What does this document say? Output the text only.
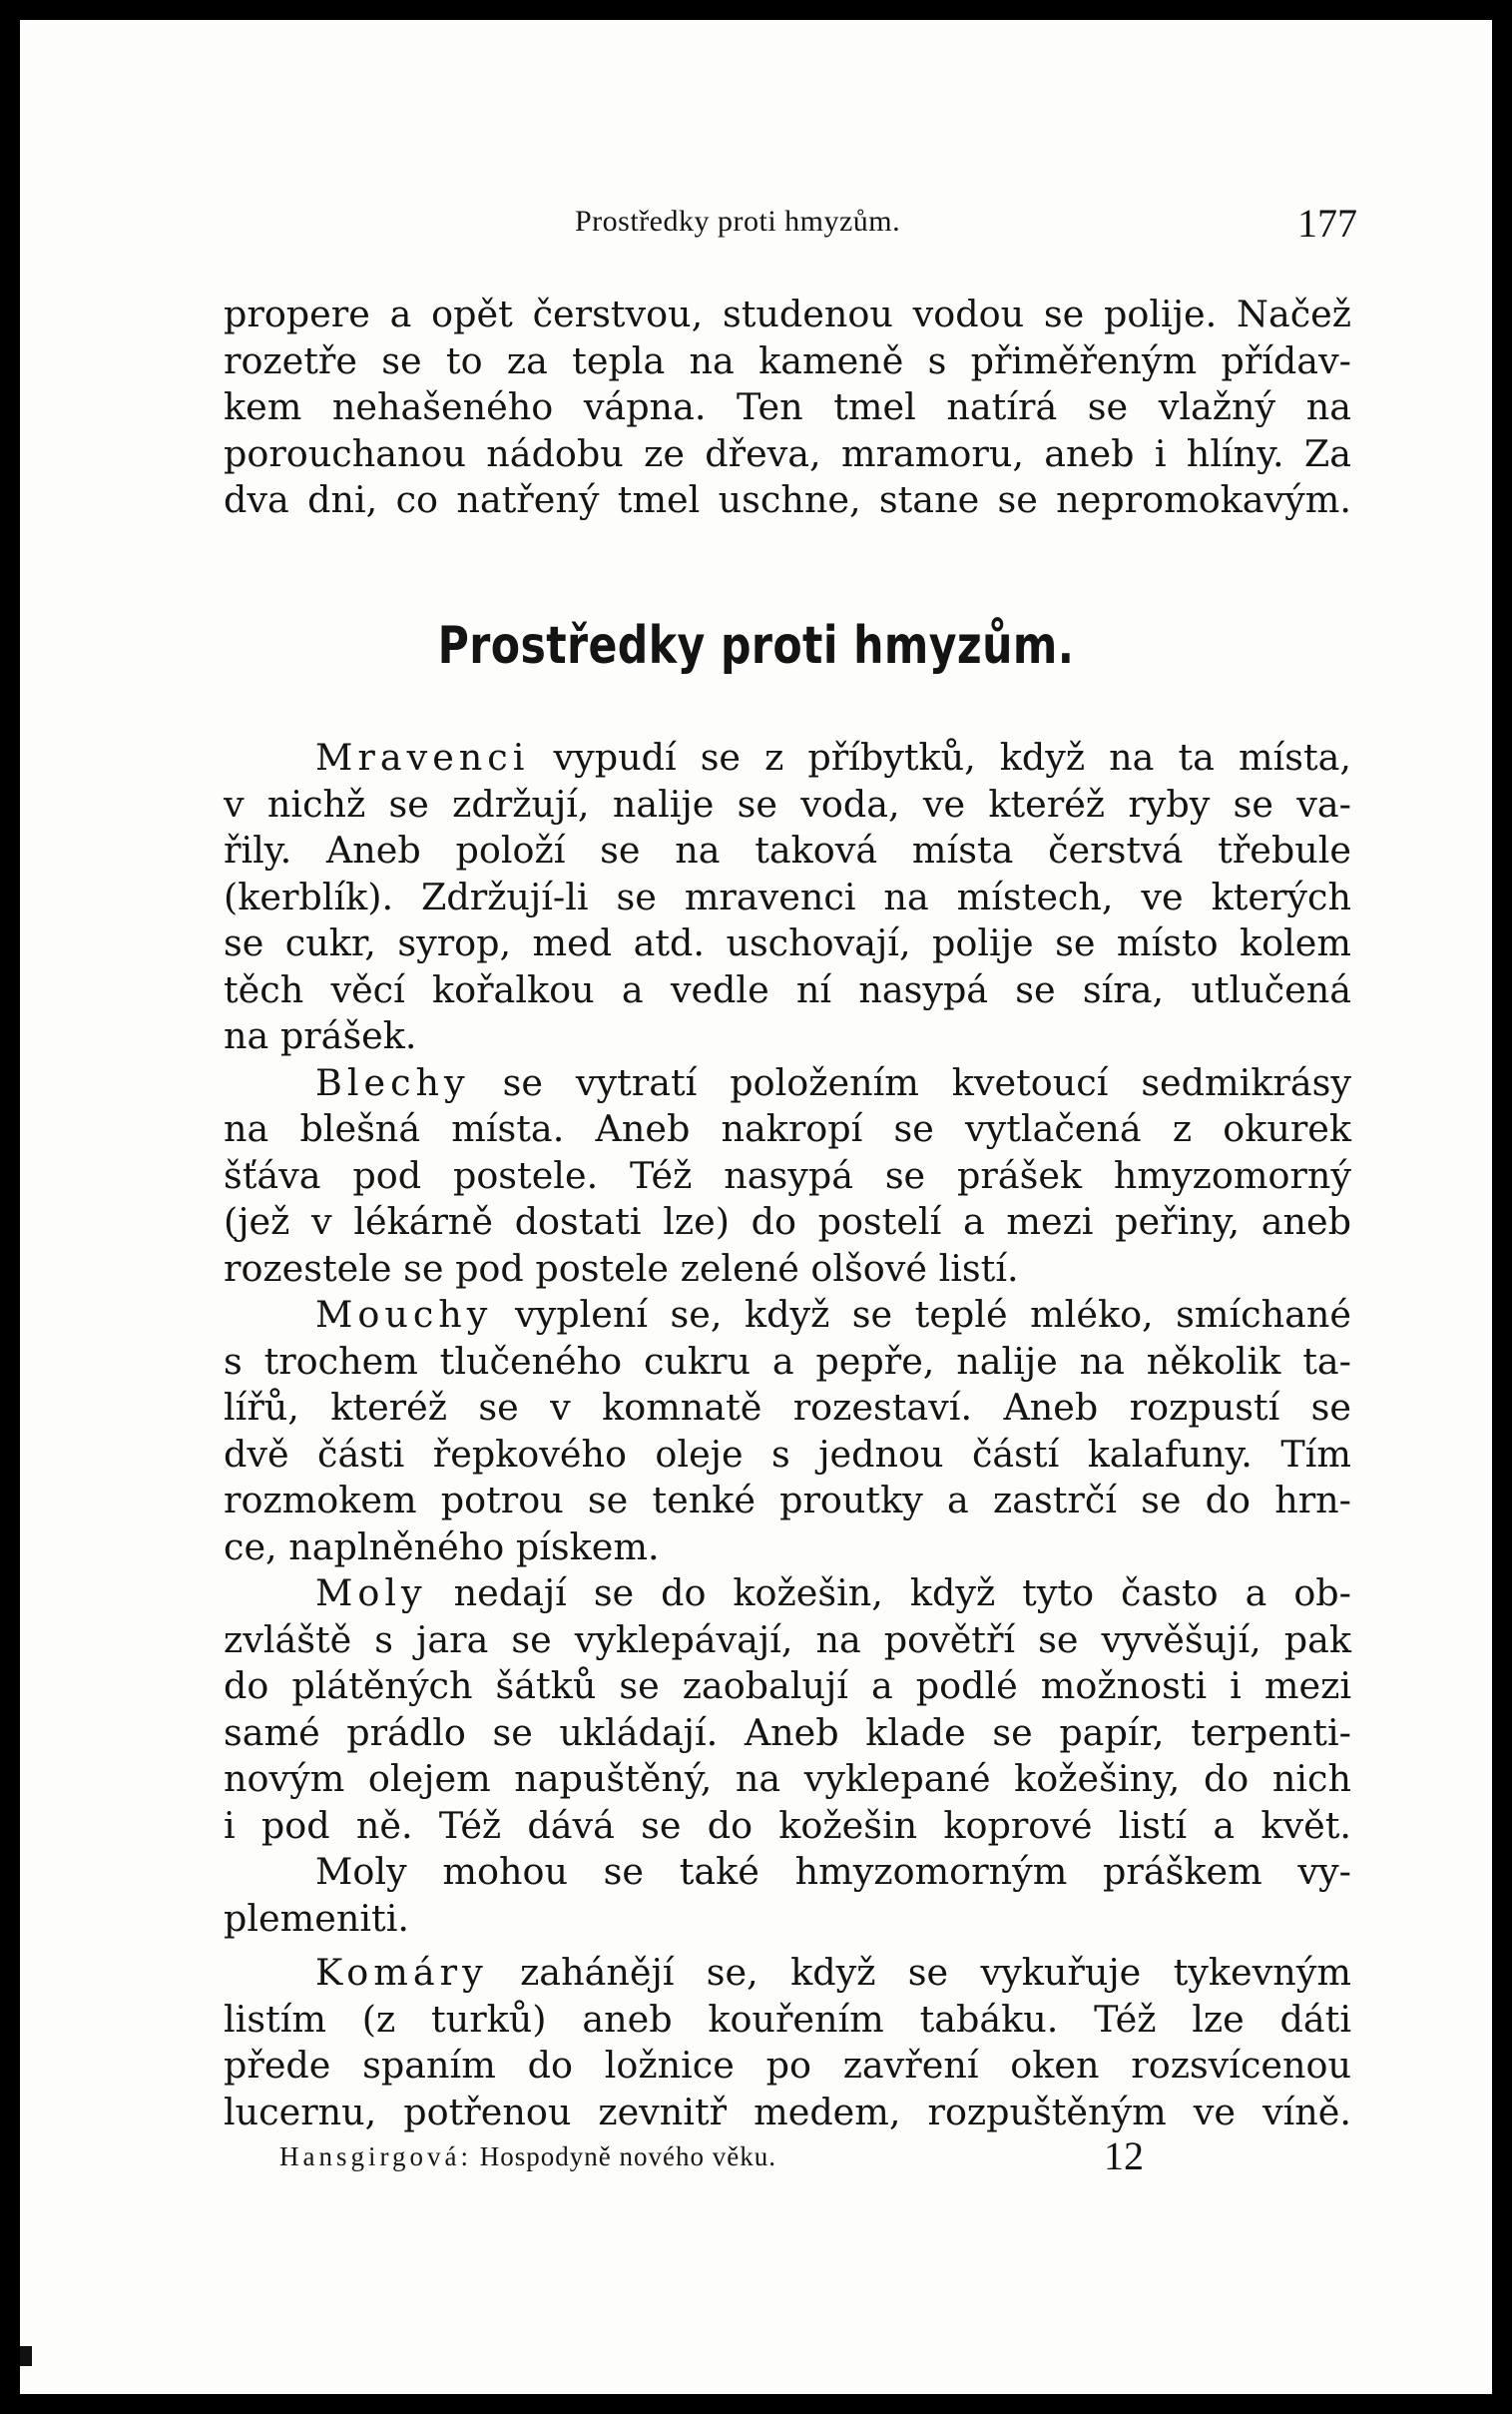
Prostředky proti hmyzům.	177
propere a opět čerstvou, studenou vodou se polije. Načež
rozetře se to za tepla na kameně s přiměřeným přídav-
kem nehašeného vápna. Ten tmel natírá se vlažný na
porouchanou nádobu ze dřeva, mramoru, aneb i hlíny. Za
dva dni, co natřený tmel uschne, stane se nepromokavým.
Prostředky proti hmyzům.
Mravenci vypudí se z příbytků, když na ta místa,
v nichž se zdržují, nalije se voda, ve kteréž ryby se va-
řily. Aneb položí se na taková místa čerstvá třebule
(kerblík). Zdržují-li se mravenci na místech, ve kterých
se cukr, syrop, med atd. uschovají, polije se místo kolem
těch věcí kořalkou a vedle ní nasypá se síra, utlučená
na prášek.
Blechy se vytratí položením kvetoucí sedmikrásy
na blešná místa. Aneb nakropí se vytlačená z okurek
šťáva pod postele. Též nasypá se prášek hmyzomorný
(jež v lékárně dostati lze) do postelí a mezi peřiny, aneb
rozestele se pod postele zelené olšové listí.
Mouchy vyplení se, když se teplé mléko, smíchané
s trochem tlučeného cukru a pepře, nalije na několik ta-
lířů, kteréž se v komnatě rozestaví. Aneb rozpustí se
dvě části řepkového oleje s jednou částí kalafuny. Tím
rozmokem potrou se tenké proutky a zastrčí se do hrn-
ce, naplněného pískem.
Moly nedají se do kožešin, když tyto často a ob-
zvláště s jara se vyklepávají, na povětří se vyvěšují, pak
do plátěných šátků se zaobalují a podlé možnosti i mezi
samé prádlo se ukládají. Aneb klade se papír, terpenti-
novým olejem napuštěný, na vyklepané kožešiny, do nich
i pod ně. Též dává se do kožešin koprové listí a květ.
Moly mohou se také hmyzomorným práškem vy-
plemeniti.
Komáry zahánějí se, když se vykuřuje tykevným
listím (z turků) aneb kouřením tabáku. Též lze dáti
přede spaním do ložnice po zavření oken rozsvícenou
lucernu, potřenou zevnitř medem, rozpuštěným ve víně.
Hansgirgová: Hospodyně nového věku.	12
